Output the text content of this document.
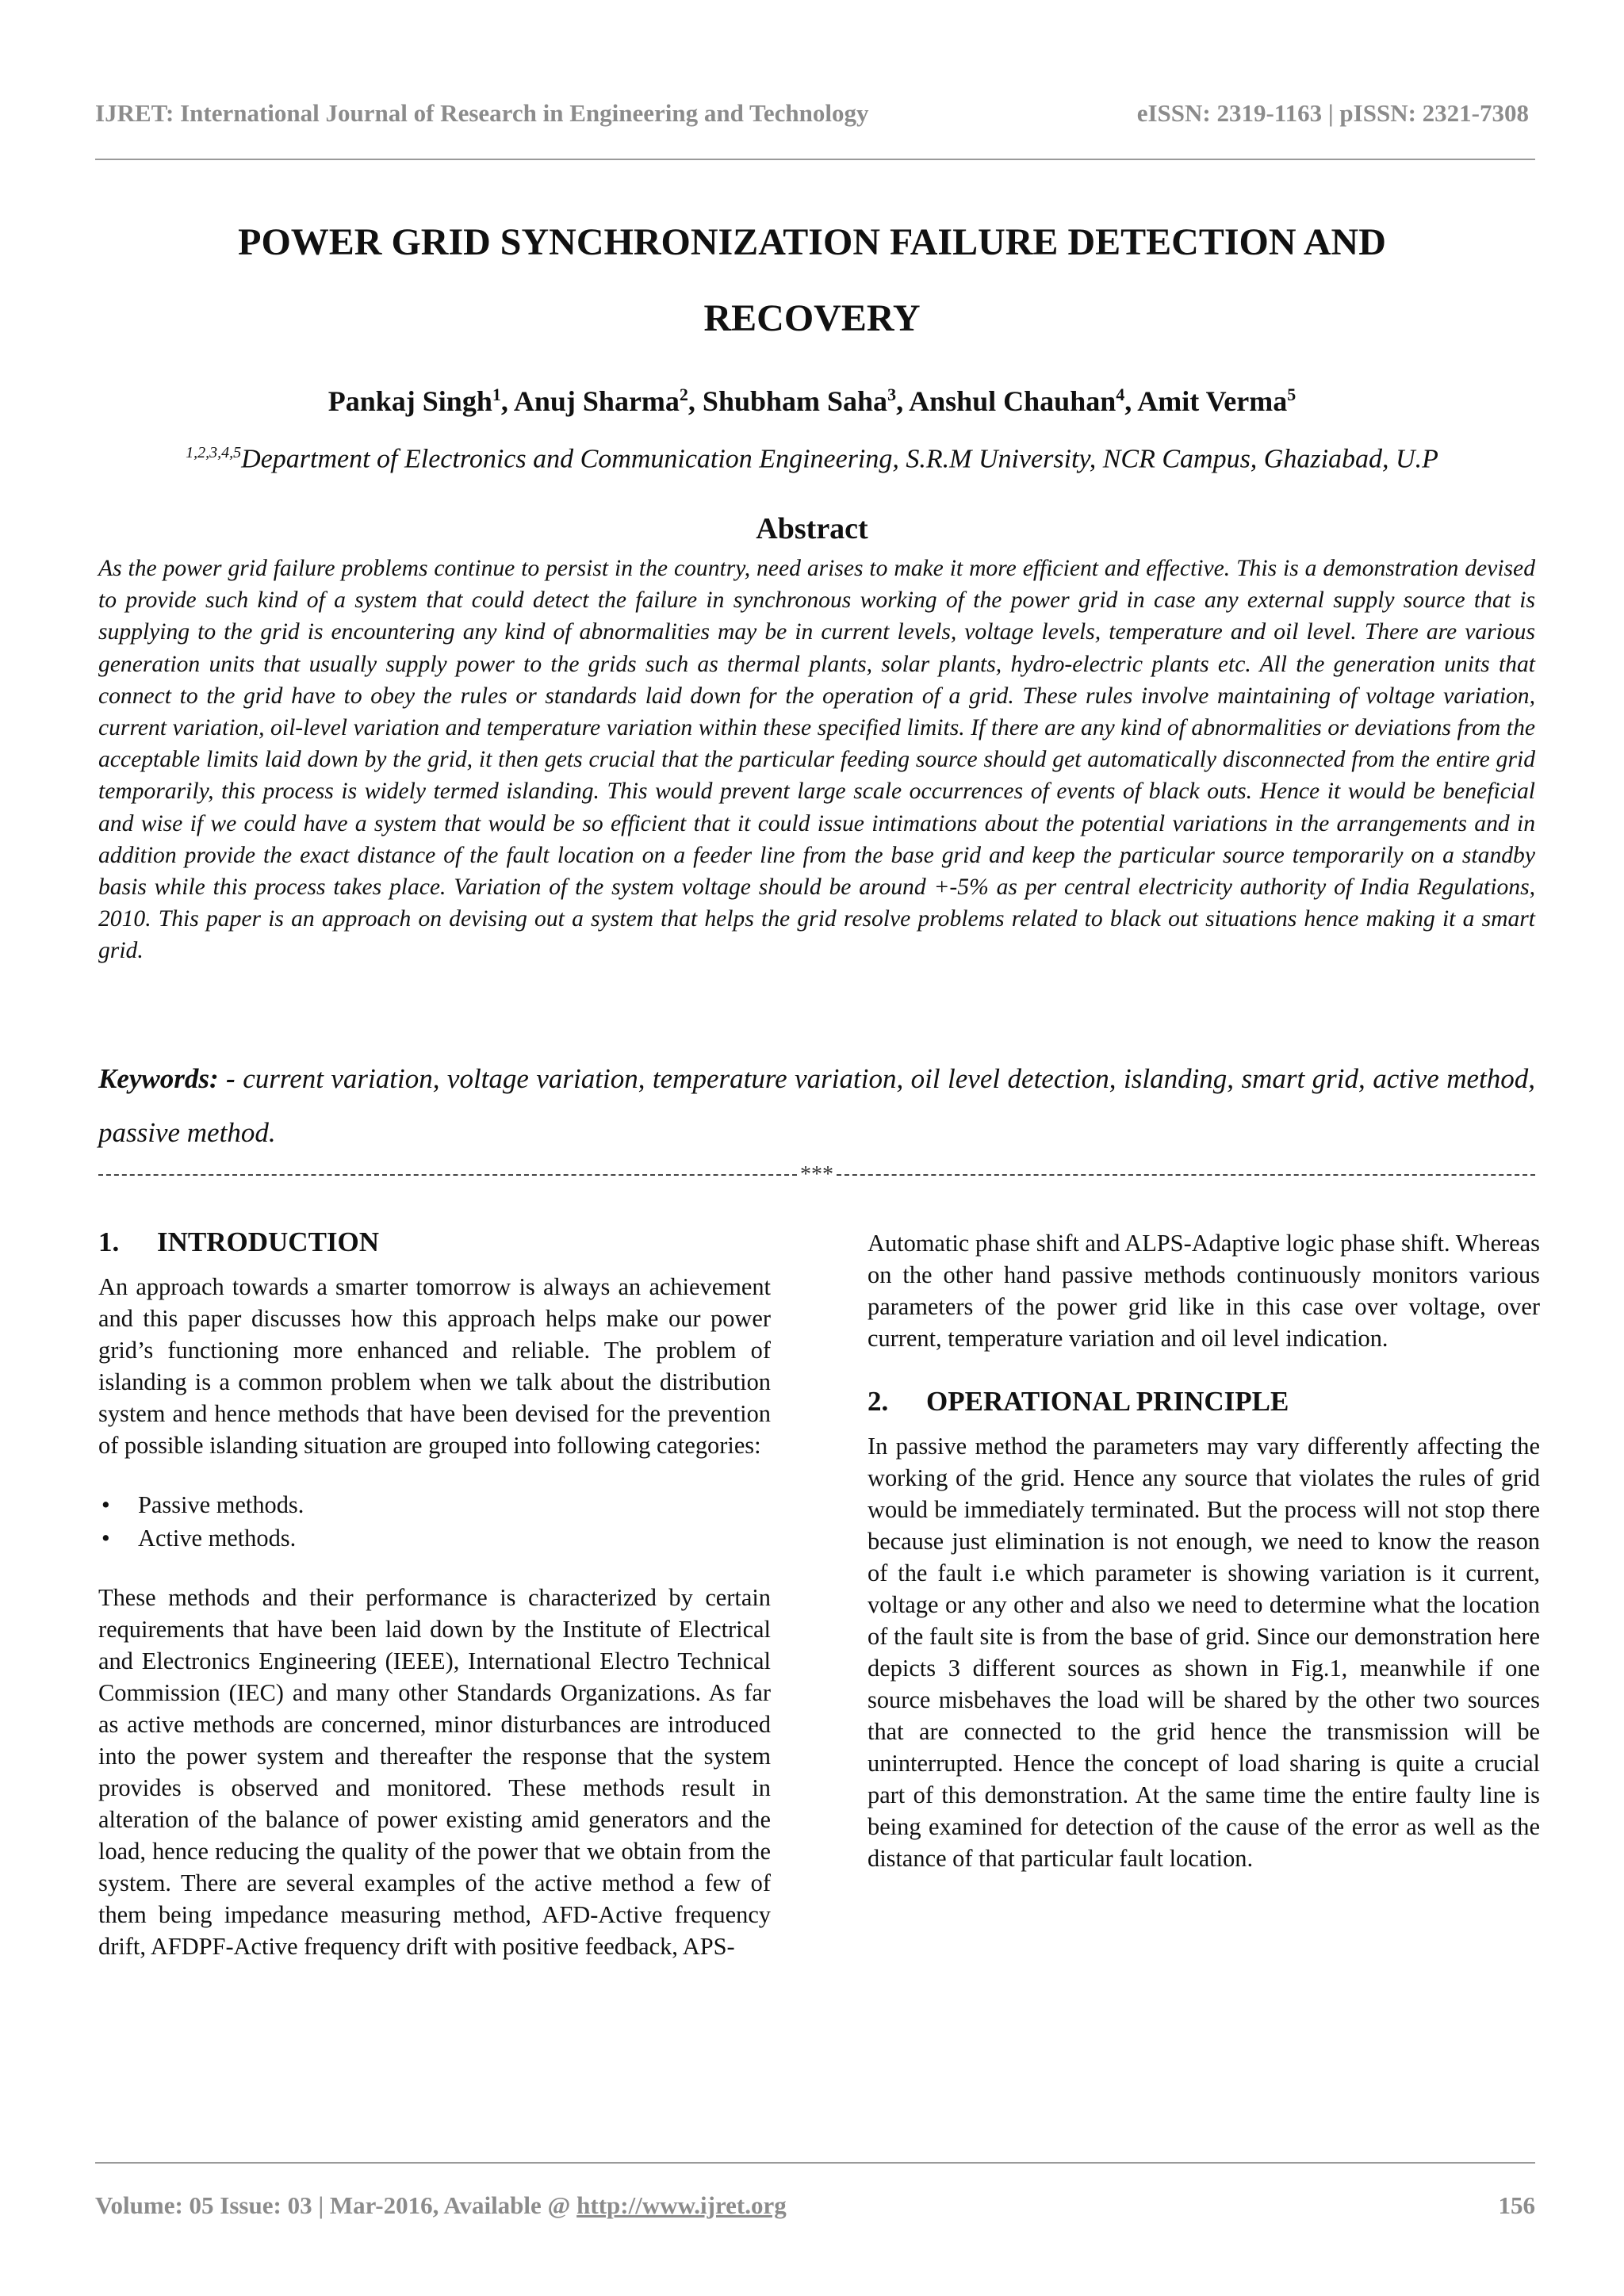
IJRET: International Journal of Research in Engineering and Technology	eISSN: 2319-1163 | pISSN: 2321-7308
POWER GRID SYNCHRONIZATION FAILURE DETECTION AND
RECOVERY
Pankaj Singh$^1$, Anuj Sharma$^2$, Shubham Saha$^3$, Anshul Chauhan$^4$, Amit Verma$^5$
$^{1,2,3,4,5}$Department of Electronics and Communication Engineering, S.R.M University, NCR Campus, Ghaziabad, U.P
Abstract

As the power grid failure problems continue to persist in the country, need arises to make it more efficient and effective. This is a demonstration devised to provide such kind of a system that could detect the failure in synchronous working of the power grid in case any external supply source that is supplying to the grid is encountering any kind of abnormalities may be in current levels, voltage levels, temperature and oil level. There are various generation units that usually supply power to the grids such as thermal plants, solar plants, hydro-electric plants etc. All the generation units that connect to the grid have to obey the rules or standards laid down for the operation of a grid. These rules involve maintaining of voltage variation, current variation, oil-level variation and temperature variation within these specified limits. If there are any kind of abnormalities or deviations from the acceptable limits laid down by the grid, it then gets crucial that the particular feeding source should get automatically disconnected from the entire grid temporarily, this process is widely termed islanding. This would prevent large scale occurrences of events of black outs. Hence it would be beneficial and wise if we could have a system that would be so efficient that it could issue intimations about the potential variations in the arrangements and in addition provide the exact distance of the fault location on a feeder line from the base grid and keep the particular source temporarily on a standby basis while this process takes place. Variation of the system voltage should be around +-5% as per central electricity authority of India Regulations, 2010. This paper is an approach on devising out a system that helps the grid resolve problems related to black out situations hence making it a smart grid.

Keywords: - current variation, voltage variation, temperature variation, oil level detection, islanding, smart grid, active method, passive method.

***
1. INTRODUCTION

An approach towards a smarter tomorrow is always an achievement and this paper discusses how this approach helps make our power grid’s functioning more enhanced and reliable. The problem of islanding is a common problem when we talk about the distribution system and hence methods that have been devised for the prevention of possible islanding situation are grouped into following categories:

• Passive methods.
• Active methods.

These methods and their performance is characterized by certain requirements that have been laid down by the Institute of Electrical and Electronics Engineering (IEEE), International Electro Technical Commission (IEC) and many other Standards Organizations. As far as active methods are concerned, minor disturbances are introduced into the power system and thereafter the response that the system provides is observed and monitored. These methods result in alteration of the balance of power existing amid generators and the load, hence reducing the quality of the power that we obtain from the system. There are several examples of the active method a few of them being impedance measuring method, AFD-Active frequency drift, AFDPF-Active frequency drift with positive feedback, APS-

Automatic phase shift and ALPS-Adaptive logic phase shift. Whereas on the other hand passive methods continuously monitors various parameters of the power grid like in this case over voltage, over current, temperature variation and oil level indication.

2. OPERATIONAL PRINCIPLE

In passive method the parameters may vary differently affecting the working of the grid. Hence any source that violates the rules of grid would be immediately terminated. But the process will not stop there because just elimination is not enough, we need to know the reason of the fault i.e which parameter is showing variation is it current, voltage or any other and also we need to determine what the location of the fault site is from the base of grid. Since our demonstration here depicts 3 different sources as shown in Fig.1, meanwhile if one source misbehaves the load will be shared by the other two sources that are connected to the grid hence the transmission will be uninterrupted. Hence the concept of load sharing is quite a crucial part of this demonstration. At the same time the entire faulty line is being examined for detection of the cause of the error as well as the distance of that particular fault location.

Volume: 05 Issue: 03 | Mar-2016, Available @ http://www.ijret.org	156
